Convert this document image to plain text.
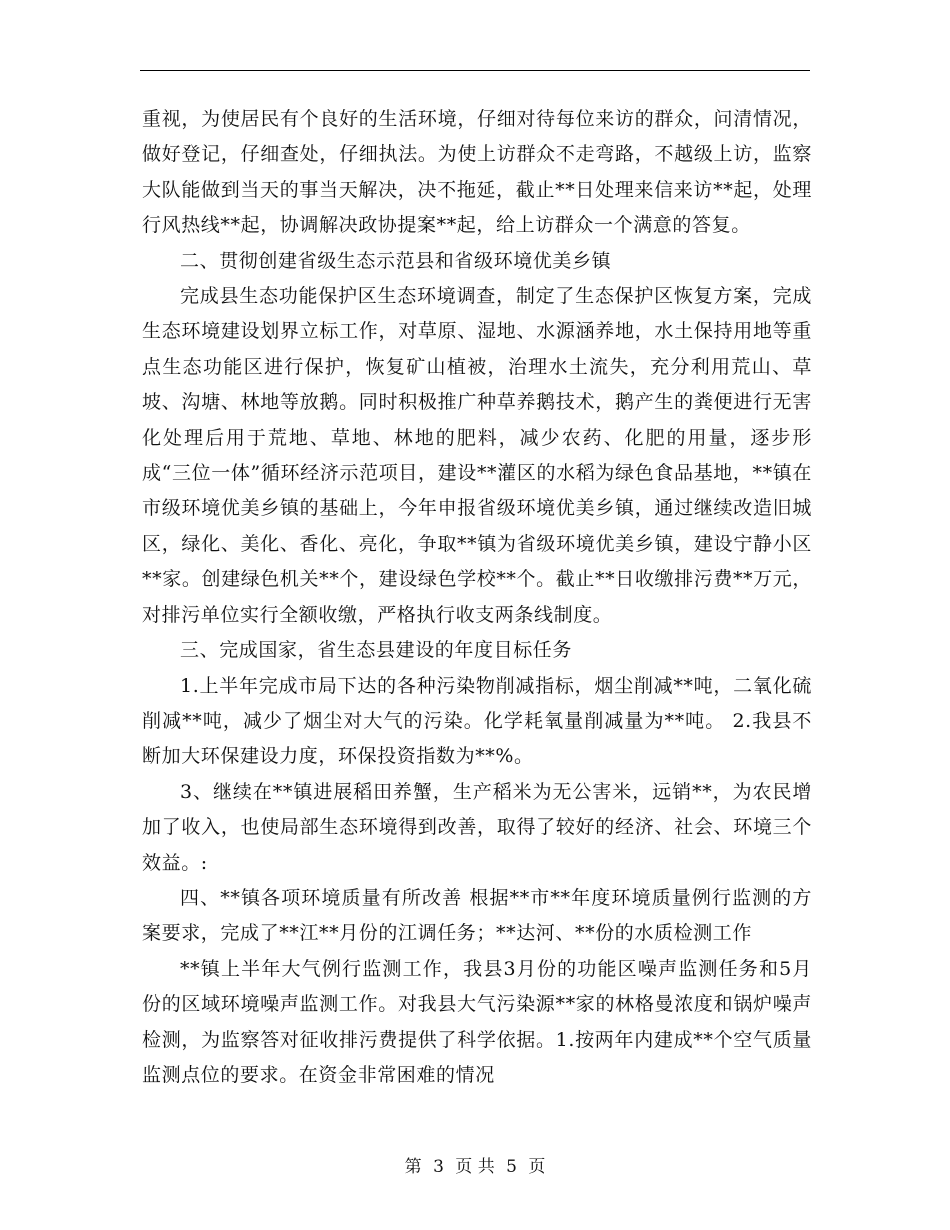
重视，为使居民有个良好的生活环境，仔细对待每位来访的群众，问清情况，做好登记，仔细查处，仔细执法。为使上访群众不走弯路，不越级上访，监察大队能做到当天的事当天解决，决不拖延，截止**日处理来信来访**起，处理行风热线**起，协调解决政协提案**起，给上访群众一个满意的答复。

二、贯彻创建省级生态示范县和省级环境优美乡镇

完成县生态功能保护区生态环境调查，制定了生态保护区恢复方案，完成生态环境建设划界立标工作，对草原、湿地、水源涵养地，水土保持用地等重点生态功能区进行保护，恢复矿山植被，治理水土流失，充分利用荒山、草坡、沟塘、林地等放鹅。同时积极推广种草养鹅技术，鹅产生的粪便进行无害化处理后用于荒地、草地、林地的肥料，减少农药、化肥的用量，逐步形成“三位一体”循环经济示范项目，建设**灌区的水稻为绿色食品基地，**镇在市级环境优美乡镇的基础上，今年申报省级环境优美乡镇，通过继续改造旧城区，绿化、美化、香化、亮化，争取**镇为省级环境优美乡镇，建设宁静小区**家。创建绿色机关**个，建设绿色学校**个。截止**日收缴排污费**万元，对排污单位实行全额收缴，严格执行收支两条线制度。

三、完成国家，省生态县建设的年度目标任务

1.上半年完成市局下达的各种污染物削减指标，烟尘削减**吨，二氧化硫削减**吨，减少了烟尘对大气的污染。化学耗氧量削减量为**吨。 2.我县不断加大环保建设力度，环保投资指数为**%。

3、继续在**镇进展稻田养蟹，生产稻米为无公害米，远销**，为农民增加了收入，也使局部生态环境得到改善，取得了较好的经济、社会、环境三个效益。:

四、**镇各项环境质量有所改善 根据**市**年度环境质量例行监测的方案要求，完成了**江**月份的江调任务；**达河、**份的水质检测工作

**镇上半年大气例行监测工作，我县3月份的功能区噪声监测任务和5月份的区域环境噪声监测工作。对我县大气污染源**家的林格曼浓度和锅炉噪声检测，为监察答对征收排污费提供了科学依据。1.按两年内建成**个空气质量监测点位的要求。在资金非常困难的情况

第 3 页 共 5 页
